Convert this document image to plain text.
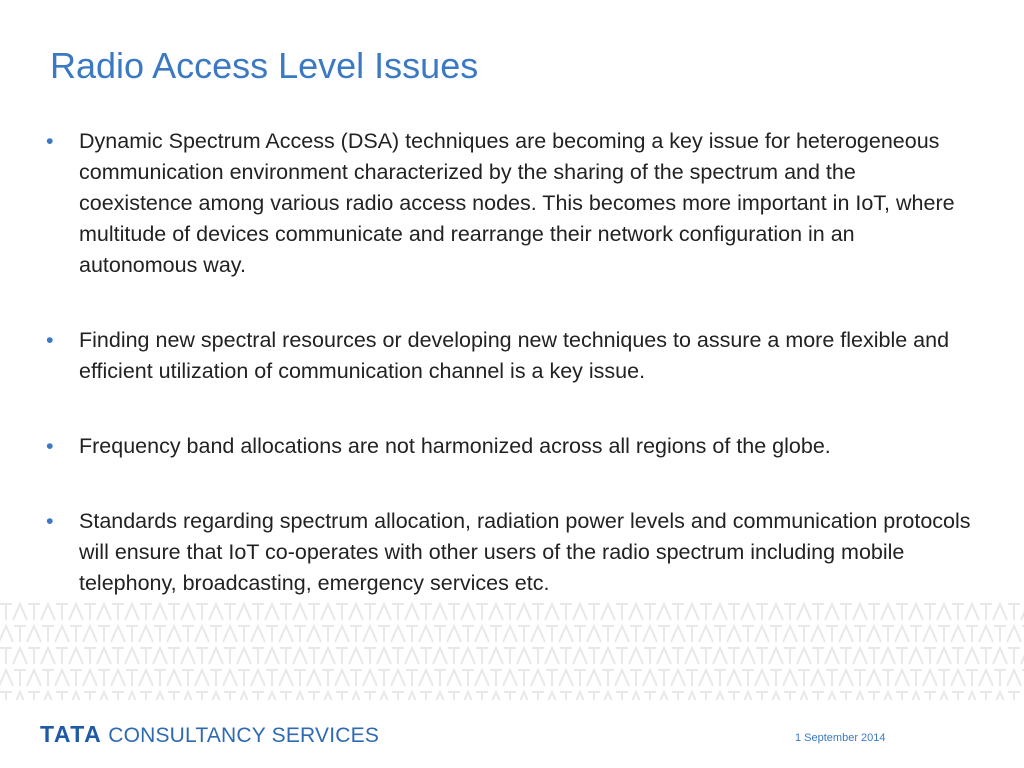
Radio Access Level Issues
• Dynamic Spectrum Access (DSA) techniques are becoming a key issue for heterogeneous communication environment characterized by the sharing of the spectrum and the coexistence among various radio access nodes. This becomes more important in IoT, where multitude of devices communicate and rearrange their network configuration in an autonomous way.
• Finding new spectral resources or developing new techniques to assure a more flexible and efficient utilization of communication channel is a key issue.
• Frequency band allocations are not harmonized across all regions of the globe.
• Standards regarding spectrum allocation, radiation power levels and communication protocols will ensure that IoT co-operates with other users of the radio spectrum including mobile telephony, broadcasting, emergency services etc.
TATA CONSULTANCY SERVICES	1 September 2014
